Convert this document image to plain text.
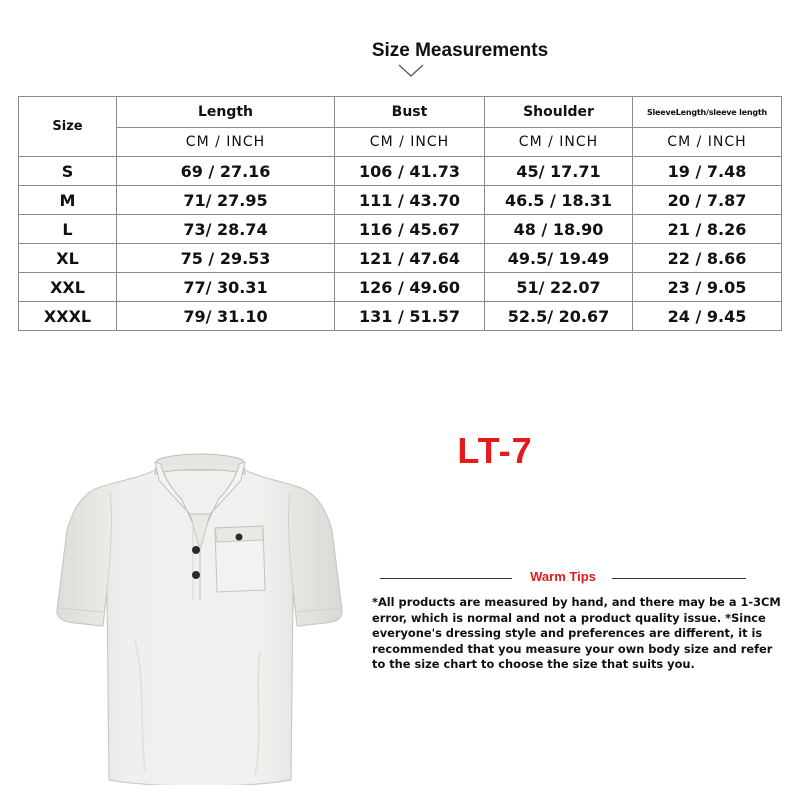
Size Measurements
Size	Length	Bust	Shoulder	SleeveLength/sleeve length
	CM / INCH	CM / INCH	CM / INCH	CM / INCH
S	69 / 27.16	106 / 41.73	45/ 17.71	19 / 7.48
M	71/ 27.95	111 / 43.70	46.5 / 18.31	20 / 7.87
L	73/ 28.74	116 / 45.67	48 / 18.90	21 / 8.26
XL	75 / 29.53	121 / 47.64	49.5/ 19.49	22 / 8.66
XXL	77/ 30.31	126 / 49.60	51/ 22.07	23 / 9.05
XXXL	79/ 31.10	131 / 51.57	52.5/ 20.67	24 / 9.45
LT-7
Warm Tips
*All products are measured by hand, and there may be a 1-3CM error, which is normal and not a product quality issue. *Since everyone's dressing style and preferences are different, it is recommended that you measure your own body size and refer to the size chart to choose the size that suits you.
